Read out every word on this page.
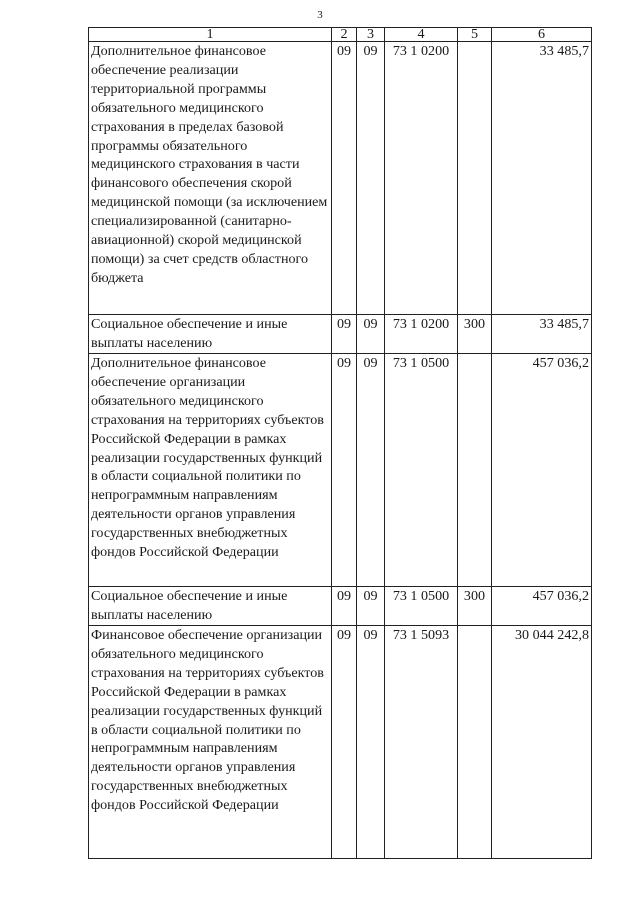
3
1	2	3	4	5	6
Дополнительное финансовое обеспечение реализации территориальной программы обязательного медицинского страхования в пределах базовой программы обязательного медицинского страхования в части финансового обеспечения скорой медицинской помощи (за исключением специализированной (санитарно-авиационной) скорой медицинской помощи) за счет средств областного бюджета	09	09	73 1 0200		33 485,7
Социальное обеспечение и иные выплаты населению	09	09	73 1 0200	300	33 485,7
Дополнительное финансовое обеспечение организации обязательного медицинского страхования на территориях субъектов Российской Федерации в рамках реализации государственных функций в области социальной политики по непрограммным направлениям деятельности органов управления государственных внебюджетных фондов Российской Федерации	09	09	73 1 0500		457 036,2
Социальное обеспечение и иные выплаты населению	09	09	73 1 0500	300	457 036,2
Финансовое обеспечение организации обязательного медицинского страхования на территориях субъектов Российской Федерации в рамках реализации государственных функций в области социальной политики по непрограммным направлениям деятельности органов управления государственных внебюджетных фондов Российской Федерации	09	09	73 1 5093		30 044 242,8
